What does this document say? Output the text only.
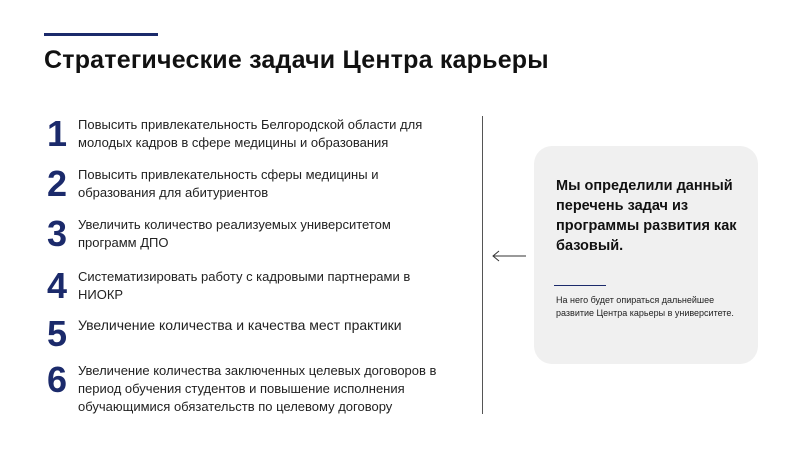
Стратегические задачи Центра карьеры
1 Повысить привлекательность Белгородской области для молодых кадров в сфере медицины и образования
2 Повысить привлекательность сферы медицины и образования для абитуриентов
3 Увеличить количество реализуемых университетом программ ДПО
4 Систематизировать работу с кадровыми партнерами в НИОКР
5 Увеличение количества и качества мест практики
6 Увеличение количества заключенных целевых договоров в период обучения студентов и повышение исполнения обучающимися обязательств по целевому договору
Мы определили данный перечень задач из программы развития как базовый.
На него будет опираться дальнейшее развитие Центра карьеры в университете.
